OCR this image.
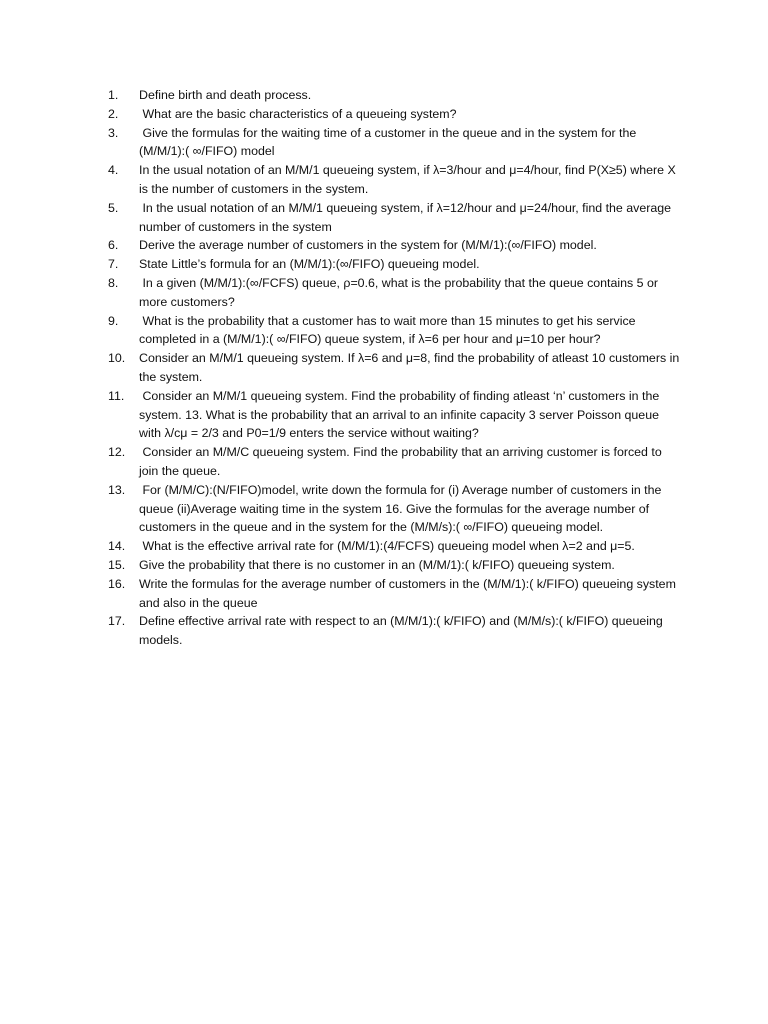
1.	Define birth and death process.
2.	What are the basic characteristics of a queueing system?
3.	Give the formulas for the waiting time of a customer in the queue and in the system for the (M/M/1):( ∞/FIFO) model
4.	In the usual notation of an M/M/1 queueing system, if λ=3/hour and μ=4/hour, find P(X≥5) where X is the number of customers in the system.
5.	In the usual notation of an M/M/1 queueing system, if λ=12/hour and μ=24/hour, find the average number of customers in the system
6.	Derive the average number of customers in the system for (M/M/1):(∞/FIFO) model.
7.	State Little’s formula for an (M/M/1):(∞/FIFO) queueing model.
8.	In a given (M/M/1):(∞/FCFS) queue, ρ=0.6, what is the probability that the queue contains 5 or more customers?
9.	What is the probability that a customer has to wait more than 15 minutes to get his service completed in a (M/M/1):( ∞/FIFO) queue system, if λ=6 per hour and μ=10 per hour?
10.	Consider an M/M/1 queueing system. If λ=6 and μ=8, find the probability of atleast 10 customers in the system.
11.	Consider an M/M/1 queueing system. Find the probability of finding atleast ‘n’ customers in the system. 13. What is the probability that an arrival to an infinite capacity 3 server Poisson queue with λ/cμ = 2/3 and P0=1/9 enters the service without waiting?
12.	Consider an M/M/C queueing system. Find the probability that an arriving customer is forced to join the queue.
13.	For (M/M/C):(N/FIFO)model, write down the formula for (i) Average number of customers in the queue (ii)Average waiting time in the system 16. Give the formulas for the average number of customers in the queue and in the system for the (M/M/s):( ∞/FIFO) queueing model.
14.	What is the effective arrival rate for (M/M/1):(4/FCFS) queueing model when λ=2 and μ=5.
15.	Give the probability that there is no customer in an (M/M/1):( k/FIFO) queueing system.
16.	Write the formulas for the average number of customers in the (M/M/1):( k/FIFO) queueing system and also in the queue
17.	Define effective arrival rate with respect to an (M/M/1):( k/FIFO) and (M/M/s):( k/FIFO) queueing models.
